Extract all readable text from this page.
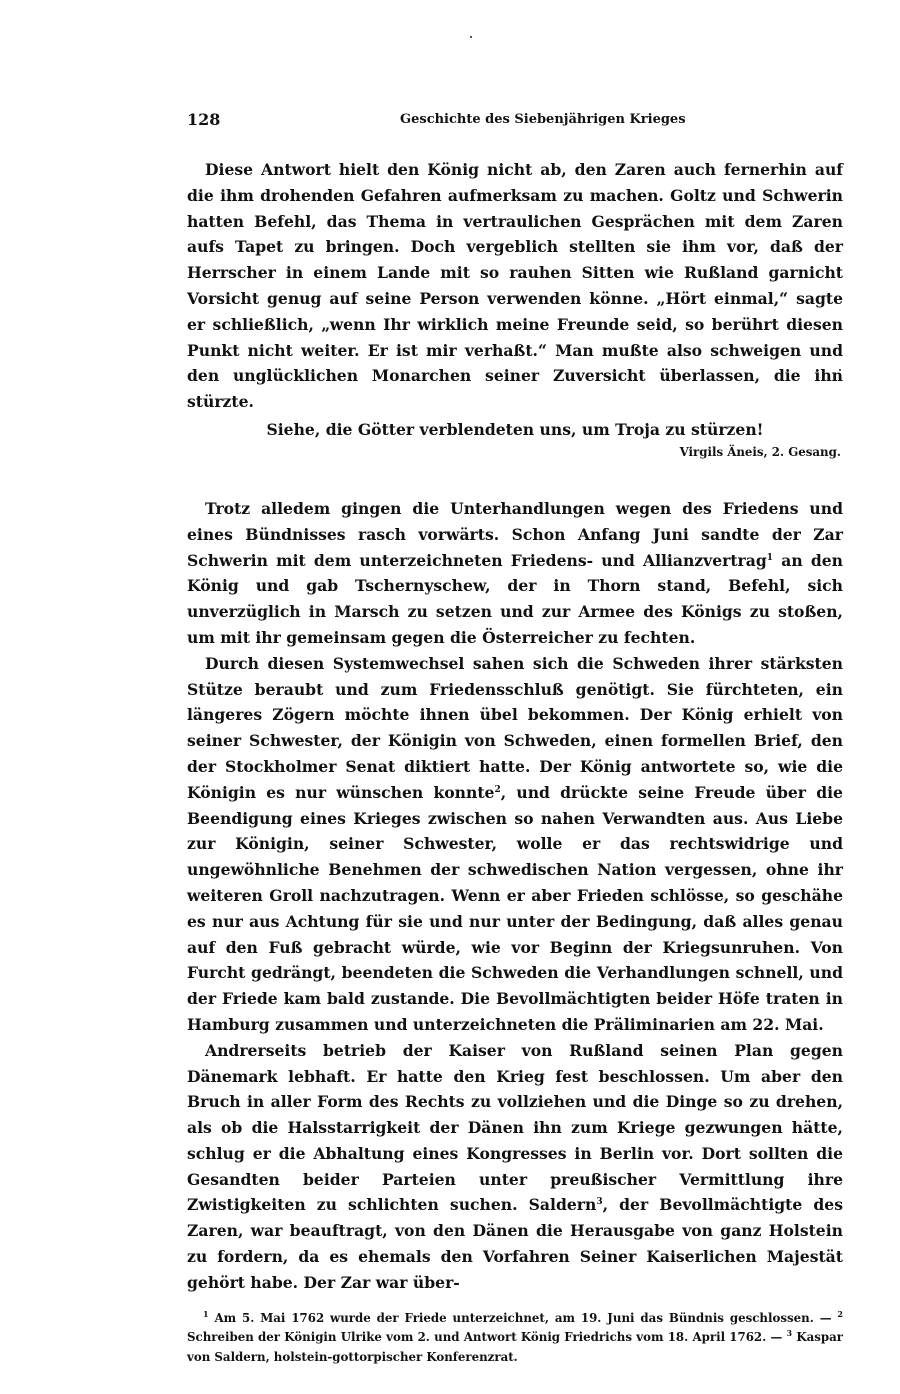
128	Geschichte des Siebenjährigen Krieges

Diese Antwort hielt den König nicht ab, den Zaren auch fernerhin auf die ihm drohenden Gefahren aufmerksam zu machen. Goltz und Schwerin hatten Befehl, das Thema in vertraulichen Gesprächen mit dem Zaren aufs Tapet zu bringen. Doch vergeblich stellten sie ihm vor, daß der Herrscher in einem Lande mit so rauhen Sitten wie Rußland garnicht Vorsicht genug auf seine Person verwenden könne. „Hört einmal,“ sagte er schließlich, „wenn Ihr wirklich meine Freunde seid, so berührt diesen Punkt nicht weiter. Er ist mir verhaßt.“ Man mußte also schweigen und den unglücklichen Monarchen seiner Zuversicht überlassen, die ihn stürzte.

Siehe, die Götter verblendeten uns, um Troja zu stürzen!
Virgils Äneis, 2. Gesang.

Trotz alledem gingen die Unterhandlungen wegen des Friedens und eines Bündnisses rasch vorwärts. Schon Anfang Juni sandte der Zar Schwerin mit dem unterzeichneten Friedens- und Allianzvertrag$^1$ an den König und gab Tschernyschew, der in Thorn stand, Befehl, sich unverzüglich in Marsch zu setzen und zur Armee des Königs zu stoßen, um mit ihr gemeinsam gegen die Österreicher zu fechten.

Durch diesen Systemwechsel sahen sich die Schweden ihrer stärksten Stütze beraubt und zum Friedensschluß genötigt. Sie fürchteten, ein längeres Zögern möchte ihnen übel bekommen. Der König erhielt von seiner Schwester, der Königin von Schweden, einen formellen Brief, den der Stockholmer Senat diktiert hatte. Der König antwortete so, wie die Königin es nur wünschen konnte$^2$, und drückte seine Freude über die Beendigung eines Krieges zwischen so nahen Verwandten aus. Aus Liebe zur Königin, seiner Schwester, wolle er das rechtswidrige und ungewöhnliche Benehmen der schwedischen Nation vergessen, ohne ihr weiteren Groll nachzutragen. Wenn er aber Frieden schlösse, so geschähe es nur aus Achtung für sie und nur unter der Bedingung, daß alles genau auf den Fuß gebracht würde, wie vor Beginn der Kriegsunruhen. Von Furcht gedrängt, beendeten die Schweden die Verhandlungen schnell, und der Friede kam bald zustande. Die Bevollmächtigten beider Höfe traten in Hamburg zusammen und unterzeichneten die Präliminarien am 22. Mai.

Andrerseits betrieb der Kaiser von Rußland seinen Plan gegen Dänemark lebhaft. Er hatte den Krieg fest beschlossen. Um aber den Bruch in aller Form des Rechts zu vollziehen und die Dinge so zu drehen, als ob die Halsstarrigkeit der Dänen ihn zum Kriege gezwungen hätte, schlug er die Abhaltung eines Kongresses in Berlin vor. Dort sollten die Gesandten beider Parteien unter preußischer Vermittlung ihre Zwistigkeiten zu schlichten suchen. Saldern$^3$, der Bevollmächtigte des Zaren, war beauftragt, von den Dänen die Herausgabe von ganz Holstein zu fordern, da es ehemals den Vorfahren Seiner Kaiserlichen Majestät gehört habe. Der Zar war über-

$^1$ Am 5. Mai 1762 wurde der Friede unterzeichnet, am 19. Juni das Bündnis geschlossen. — $^2$ Schreiben der Königin Ulrike vom 2. und Antwort König Friedrichs vom 18. April 1762. — $^3$ Kaspar von Saldern, holstein-gottorpischer Konferenzrat.
